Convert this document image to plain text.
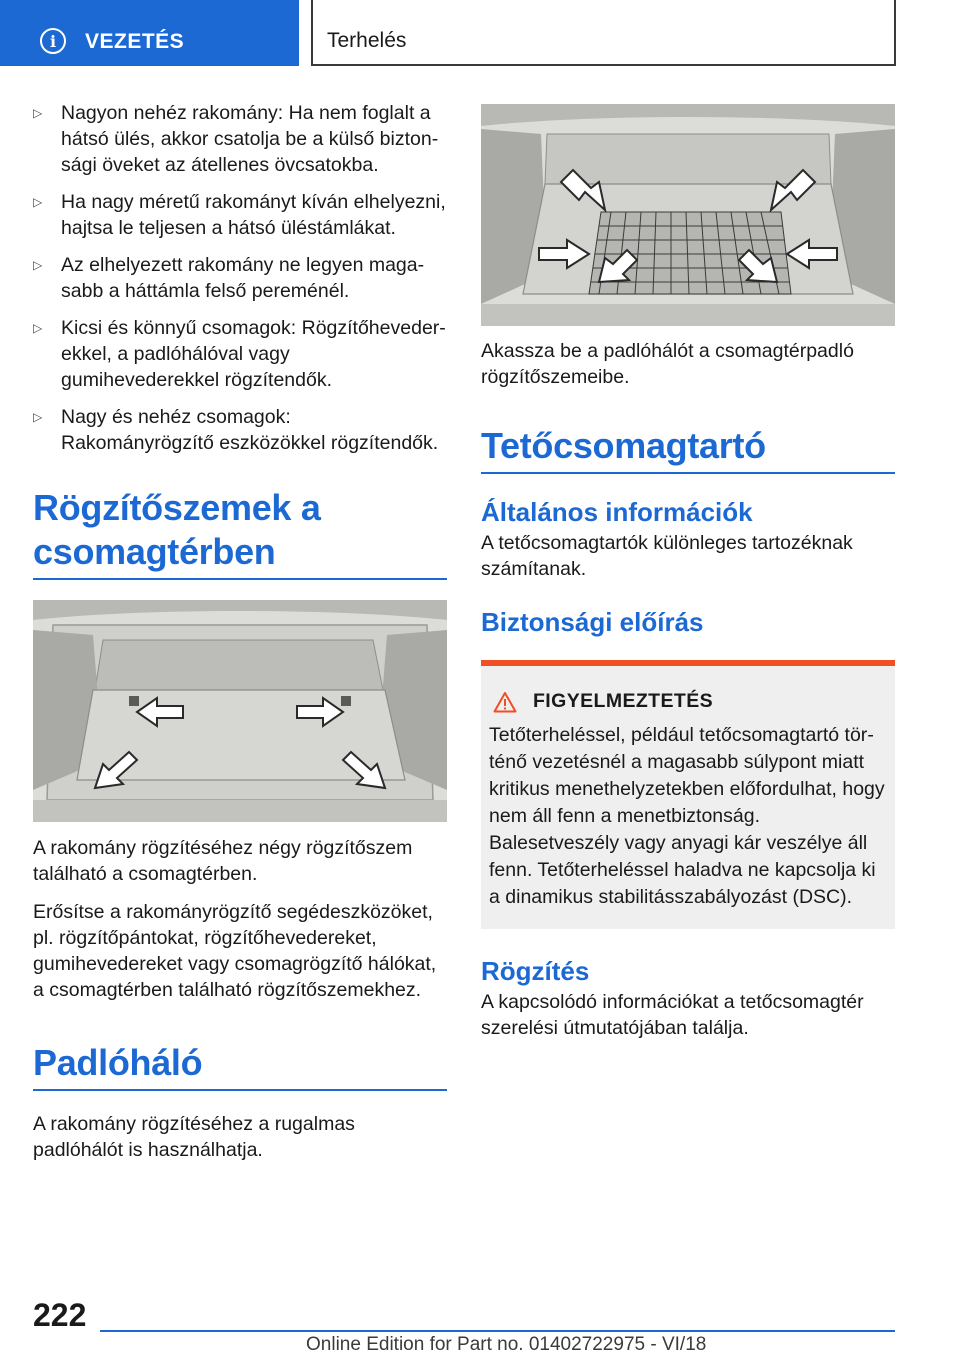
i VEZETÉS	Terhelés
▷ Nagyon nehéz rakomány: Ha nem foglalt a hátsó ülés, akkor csatolja be a külső biztonsági öveket az átellenes övcsatokba.
▷ Ha nagy méretű rakományt kíván elhelyezni, hajtsa le teljesen a hátsó üléstámlákat.
▷ Az elhelyezett rakomány ne legyen magasabb a háttámla felső pereménél.
▷ Kicsi és könnyű csomagok: Rögzítőhevederekkel, a padlóhálóval vagy gumihevederekkel rögzítendők.
▷ Nagy és nehéz csomagok: Rakományrögzítő eszközökkel rögzítendők.
Rögzítőszemek a csomagtérben

A rakomány rögzítéséhez négy rögzítőszem található a csomagtérben.

Erősítse a rakományrögzítő segédeszközöket, pl. rögzítőpántokat, rögzítőhevedereket, gumihevedereket vagy csomagrögzítő hálókat, a csomagtérben található rögzítőszemekhez.

Padlóháló

A rakomány rögzítéséhez a rugalmas padlóhálót is használhatja.

Akassza be a padlóhálót a csomagtérpadló rögzítőszemeibe.

Tetőcsomagtartó
Általános információk

A tetőcsomagtartók különleges tartozéknak számítanak.

Biztonsági előírás
FIGYELMEZTETÉS

Tetőterheléssel, például tetőcsomagtartó történő vezetésnél a magasabb súlypont miatt kritikus menethelyzetekben előfordulhat, hogy nem áll fenn a menetbiztonság. Balesetveszély vagy anyagi kár veszélye áll fenn. Tetőterheléssel haladva ne kapcsolja ki a dinamikus stabilitásszabályozást (DSC).

Rögzítés

A kapcsolódó információkat a tetőcsomagtér szerelési útmutatójában találja.

222
Online Edition for Part no. 01402722975 - VI/18
